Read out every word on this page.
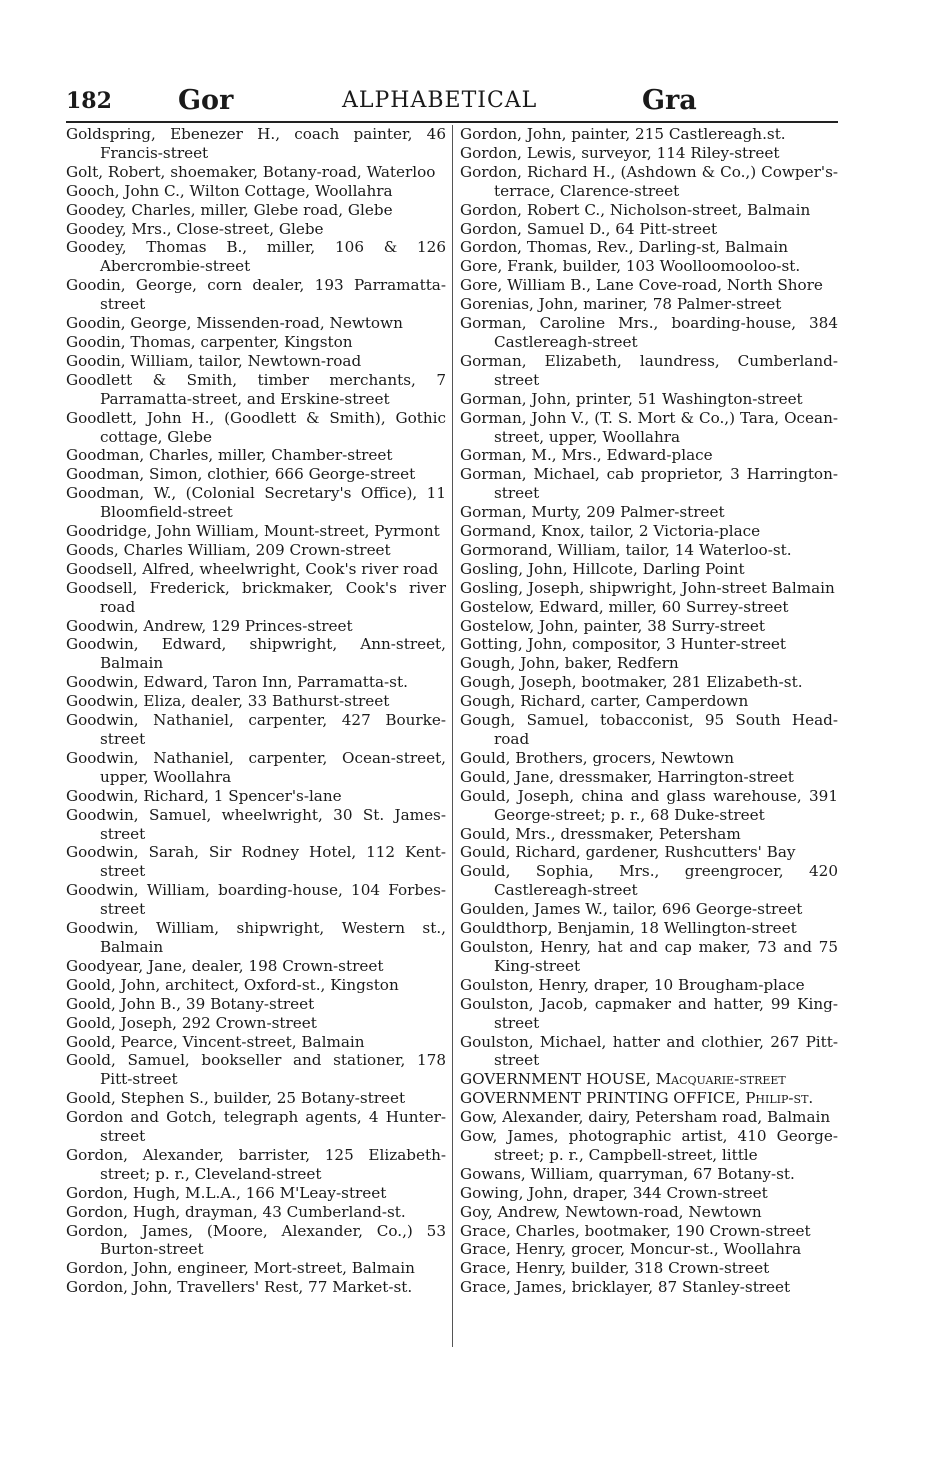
182 Gor	ALPHABETICAL	Gra

Goldspring, Ebenezer H., coach painter, 46 Francis-street

Golt, Robert, shoemaker, Botany-road, Waterloo

Gooch, John C., Wilton Cottage, Woollahra

Goodey, Charles, miller, Glebe road, Glebe

Goodey, Mrs., Close-street, Glebe

Goodey, Thomas B., miller, 106 & 126 Abercrombie-street

Goodin, George, corn dealer, 193 Parramatta-street

Goodin, George, Missenden-road, Newtown

Goodin, Thomas, carpenter, Kingston

Goodin, William, tailor, Newtown-road

Goodlett & Smith, timber merchants, 7 Parramatta-street, and Erskine-street

Goodlett, John H., (Goodlett & Smith), Gothic cottage, Glebe

Goodman, Charles, miller, Chamber-street

Goodman, Simon, clothier, 666 George-street

Goodman, W., (Colonial Secretary's Office), 11 Bloomfield-street

Goodridge, John William, Mount-street, Pyrmont

Goods, Charles William, 209 Crown-street

Goodsell, Alfred, wheelwright, Cook's river road

Goodsell, Frederick, brickmaker, Cook's river road

Goodwin, Andrew, 129 Princes-street

Goodwin, Edward, shipwright, Ann-street, Balmain

Goodwin, Edward, Taron Inn, Parramatta-st.

Goodwin, Eliza, dealer, 33 Bathurst-street

Goodwin, Nathaniel, carpenter, 427 Bourke-street

Goodwin, Nathaniel, carpenter, Ocean-street, upper, Woollahra

Goodwin, Richard, 1 Spencer's-lane

Goodwin, Samuel, wheelwright, 30 St. James-street

Goodwin, Sarah, Sir Rodney Hotel, 112 Kent-street

Goodwin, William, boarding-house, 104 Forbes-street

Goodwin, William, shipwright, Western st., Balmain

Goodyear, Jane, dealer, 198 Crown-street

Goold, John, architect, Oxford-st., Kingston

Goold, John B., 39 Botany-street

Goold, Joseph, 292 Crown-street

Goold, Pearce, Vincent-street, Balmain

Goold, Samuel, bookseller and stationer, 178 Pitt-street

Goold, Stephen S., builder, 25 Botany-street

Gordon and Gotch, telegraph agents, 4 Hunter-street

Gordon, Alexander, barrister, 125 Elizabeth-street; p. r., Cleveland-street

Gordon, Hugh, M.L.A., 166 M'Leay-street

Gordon, Hugh, drayman, 43 Cumberland-st.

Gordon, James, (Moore, Alexander, Co.,) 53 Burton-street

Gordon, John, engineer, Mort-street, Balmain

Gordon, John, Travellers' Rest, 77 Market-st.

Gordon, John, painter, 215 Castlereagh.st.

Gordon, Lewis, surveyor, 114 Riley-street

Gordon, Richard H., (Ashdown & Co.,) Cowper's-terrace, Clarence-street

Gordon, Robert C., Nicholson-street, Balmain

Gordon, Samuel D., 64 Pitt-street

Gordon, Thomas, Rev., Darling-st, Balmain

Gore, Frank, builder, 103 Woolloomooloo-st.

Gore, William B., Lane Cove-road, North Shore

Gorenias, John, mariner, 78 Palmer-street

Gorman, Caroline Mrs., boarding-house, 384 Castlereagh-street

Gorman, Elizabeth, laundress, Cumberland-street

Gorman, John, printer, 51 Washington-street

Gorman, John V., (T. S. Mort & Co.,) Tara, Ocean-street, upper, Woollahra

Gorman, M., Mrs., Edward-place

Gorman, Michael, cab proprietor, 3 Harrington-street

Gorman, Murty, 209 Palmer-street

Gormand, Knox, tailor, 2 Victoria-place

Gormorand, William, tailor, 14 Waterloo-st.

Gosling, John, Hillcote, Darling Point

Gosling, Joseph, shipwright, John-street Balmain

Gostelow, Edward, miller, 60 Surrey-street

Gostelow, John, painter, 38 Surry-street

Gotting, John, compositor, 3 Hunter-street

Gough, John, baker, Redfern

Gough, Joseph, bootmaker, 281 Elizabeth-st.

Gough, Richard, carter, Camperdown

Gough, Samuel, tobacconist, 95 South Head-road

Gould, Brothers, grocers, Newtown

Gould, Jane, dressmaker, Harrington-street

Gould, Joseph, china and glass warehouse, 391 George-street; p. r., 68 Duke-street

Gould, Mrs., dressmaker, Petersham

Gould, Richard, gardener, Rushcutters' Bay

Gould, Sophia, Mrs., greengrocer, 420 Castlereagh-street

Goulden, James W., tailor, 696 George-street

Gouldthorp, Benjamin, 18 Wellington-street

Goulston, Henry, hat and cap maker, 73 and 75 King-street

Goulston, Henry, draper, 10 Brougham-place

Goulston, Jacob, capmaker and hatter, 99 King-street

Goulston, Michael, hatter and clothier, 267 Pitt-street

GOVERNMENT HOUSE, Macquarie-street

GOVERNMENT PRINTING OFFICE, Philip-st.

Gow, Alexander, dairy, Petersham road, Balmain

Gow, James, photographic artist, 410 George-street; p. r., Campbell-street, little

Gowans, William, quarryman, 67 Botany-st.

Gowing, John, draper, 344 Crown-street

Goy, Andrew, Newtown-road, Newtown

Grace, Charles, bootmaker, 190 Crown-street

Grace, Henry, grocer, Moncur-st., Woollahra

Grace, Henry, builder, 318 Crown-street

Grace, James, bricklayer, 87 Stanley-street
